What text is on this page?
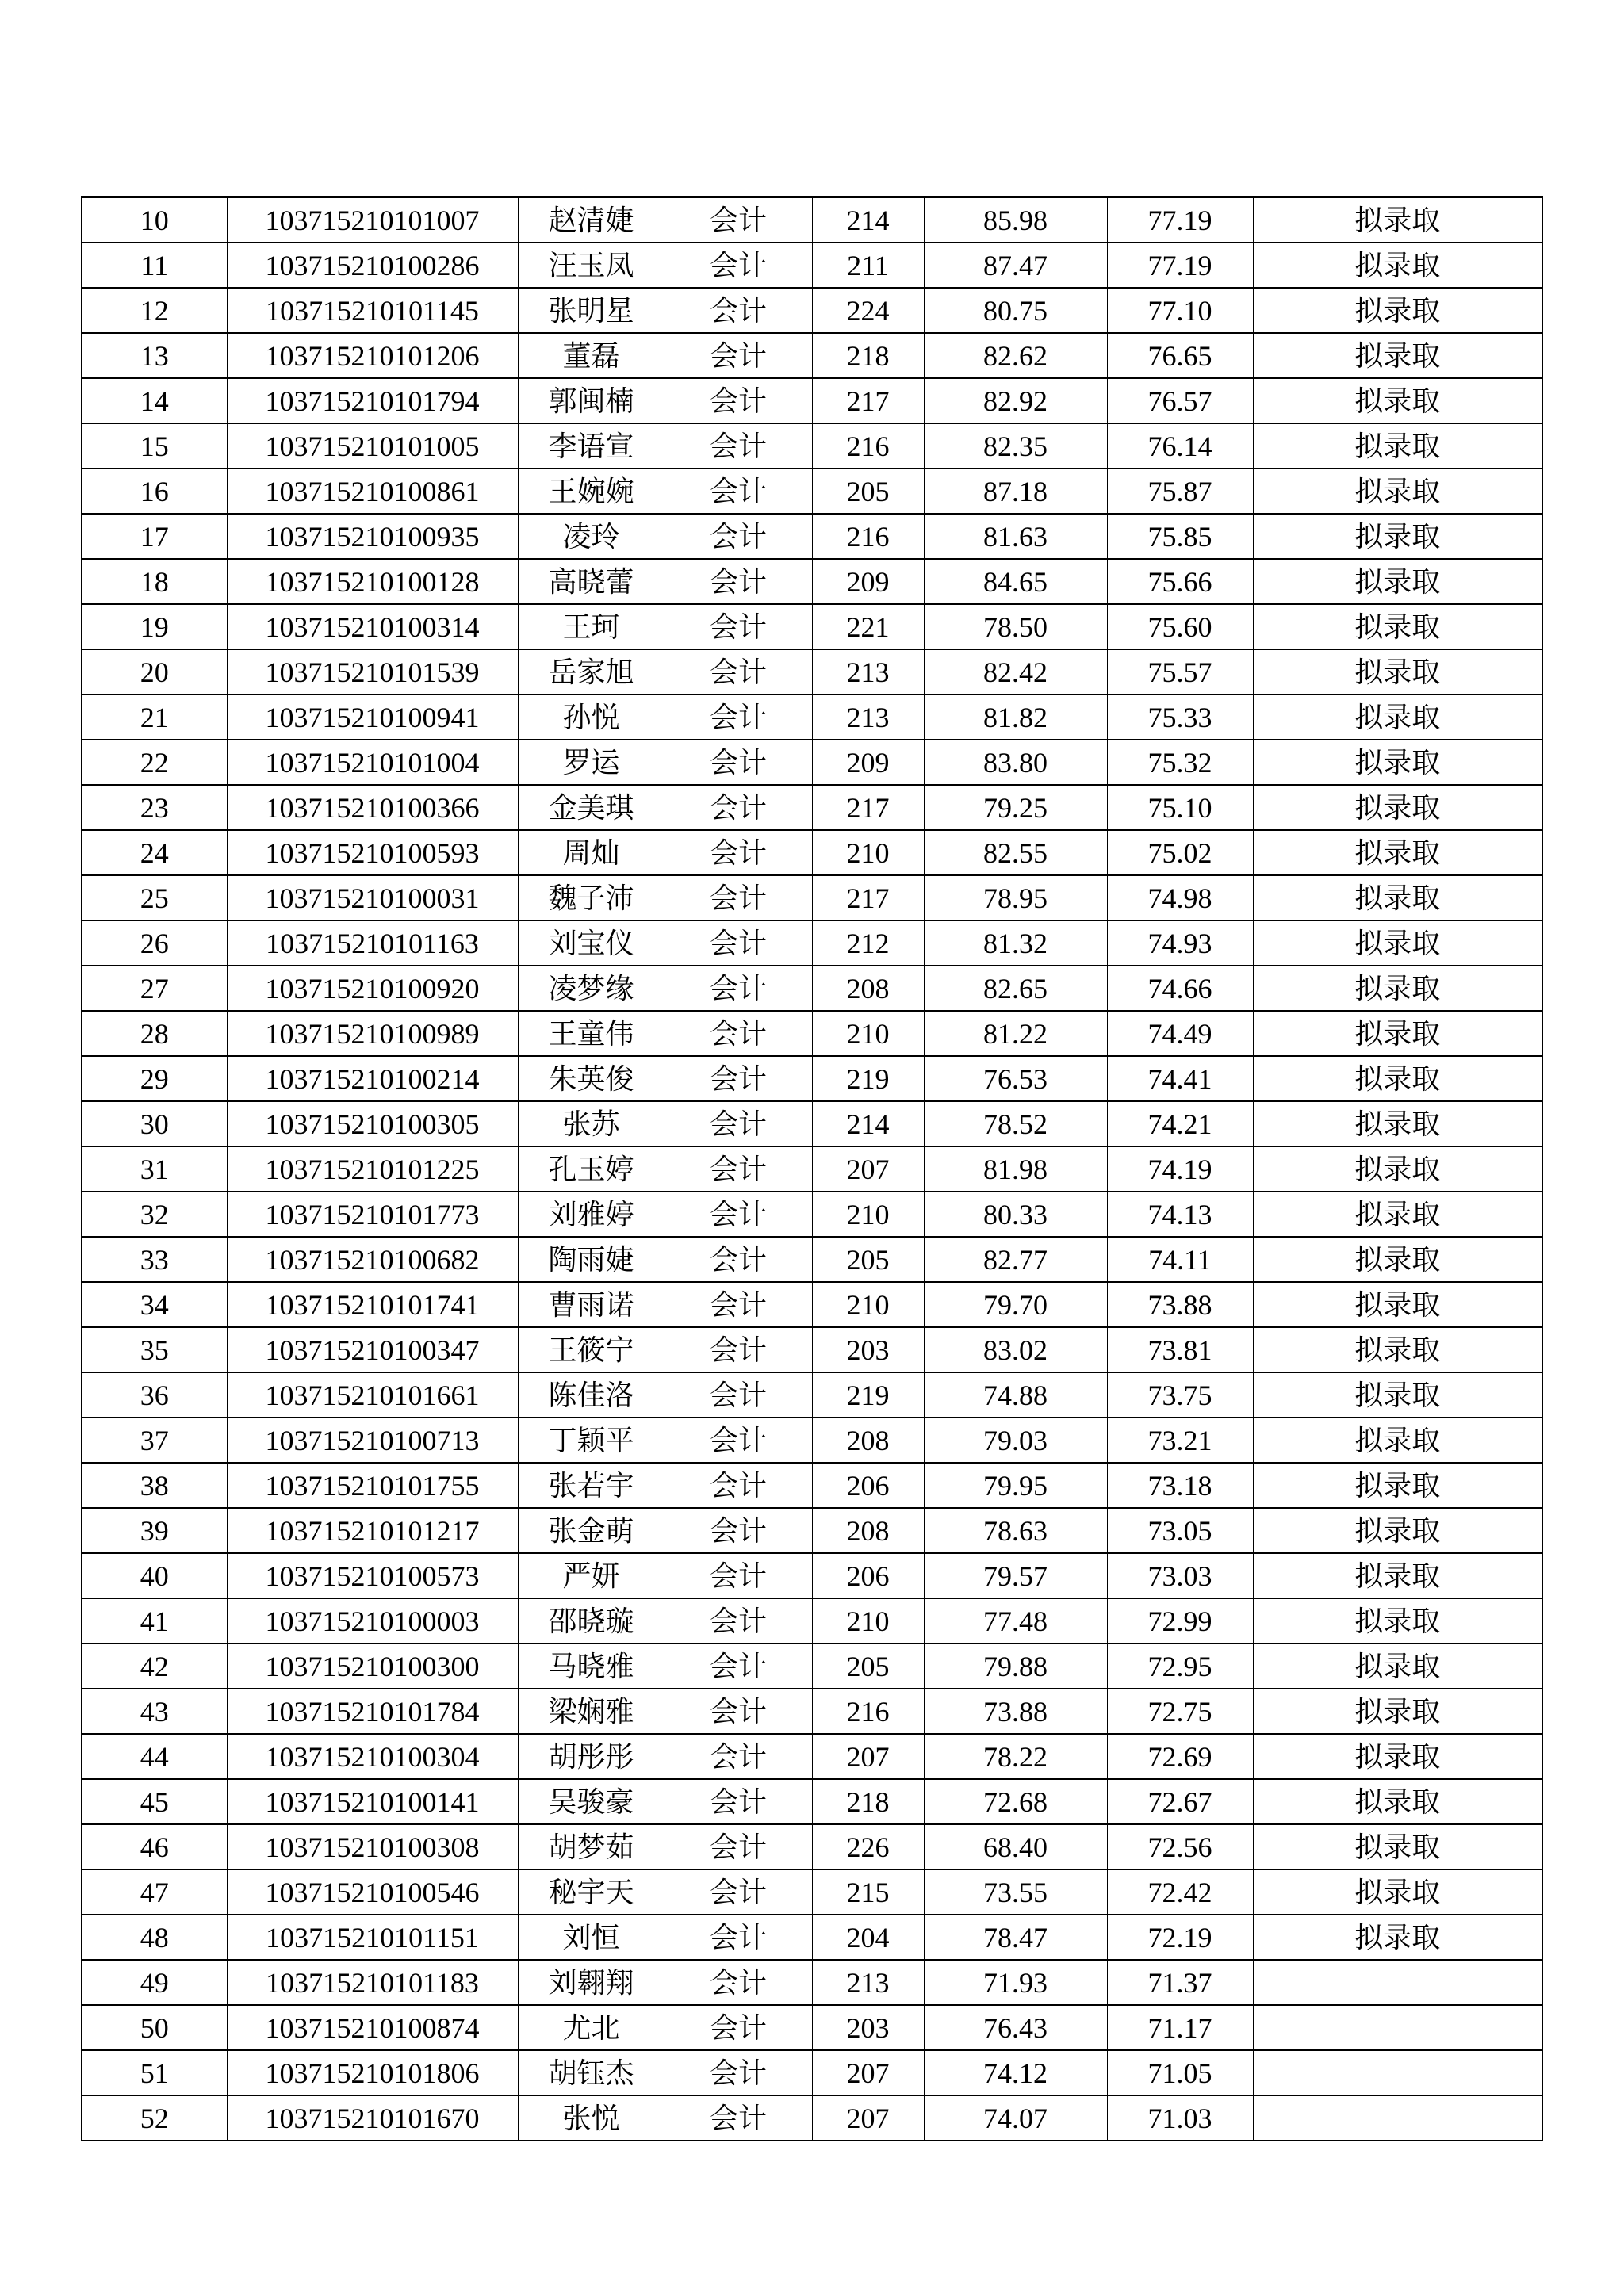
10	103715210101007	赵清婕	会计	214	85.98	77.19	拟录取
11	103715210100286	汪玉凤	会计	211	87.47	77.19	拟录取
12	103715210101145	张明星	会计	224	80.75	77.10	拟录取
13	103715210101206	董磊	会计	218	82.62	76.65	拟录取
14	103715210101794	郭闽楠	会计	217	82.92	76.57	拟录取
15	103715210101005	李语宣	会计	216	82.35	76.14	拟录取
16	103715210100861	王婉婉	会计	205	87.18	75.87	拟录取
17	103715210100935	凌玲	会计	216	81.63	75.85	拟录取
18	103715210100128	高晓蕾	会计	209	84.65	75.66	拟录取
19	103715210100314	王珂	会计	221	78.50	75.60	拟录取
20	103715210101539	岳家旭	会计	213	82.42	75.57	拟录取
21	103715210100941	孙悦	会计	213	81.82	75.33	拟录取
22	103715210101004	罗运	会计	209	83.80	75.32	拟录取
23	103715210100366	金美琪	会计	217	79.25	75.10	拟录取
24	103715210100593	周灿	会计	210	82.55	75.02	拟录取
25	103715210100031	魏子沛	会计	217	78.95	74.98	拟录取
26	103715210101163	刘宝仪	会计	212	81.32	74.93	拟录取
27	103715210100920	凌梦缘	会计	208	82.65	74.66	拟录取
28	103715210100989	王童伟	会计	210	81.22	74.49	拟录取
29	103715210100214	朱英俊	会计	219	76.53	74.41	拟录取
30	103715210100305	张苏	会计	214	78.52	74.21	拟录取
31	103715210101225	孔玉婷	会计	207	81.98	74.19	拟录取
32	103715210101773	刘雅婷	会计	210	80.33	74.13	拟录取
33	103715210100682	陶雨婕	会计	205	82.77	74.11	拟录取
34	103715210101741	曹雨诺	会计	210	79.70	73.88	拟录取
35	103715210100347	王筱宁	会计	203	83.02	73.81	拟录取
36	103715210101661	陈佳洛	会计	219	74.88	73.75	拟录取
37	103715210100713	丁颖平	会计	208	79.03	73.21	拟录取
38	103715210101755	张若宇	会计	206	79.95	73.18	拟录取
39	103715210101217	张金萌	会计	208	78.63	73.05	拟录取
40	103715210100573	严妍	会计	206	79.57	73.03	拟录取
41	103715210100003	邵晓璇	会计	210	77.48	72.99	拟录取
42	103715210100300	马晓雅	会计	205	79.88	72.95	拟录取
43	103715210101784	梁娴雅	会计	216	73.88	72.75	拟录取
44	103715210100304	胡彤彤	会计	207	78.22	72.69	拟录取
45	103715210100141	吴骏豪	会计	218	72.68	72.67	拟录取
46	103715210100308	胡梦茹	会计	226	68.40	72.56	拟录取
47	103715210100546	秘宇天	会计	215	73.55	72.42	拟录取
48	103715210101151	刘恒	会计	204	78.47	72.19	拟录取
49	103715210101183	刘翱翔	会计	213	71.93	71.37	
50	103715210100874	尤北	会计	203	76.43	71.17	
51	103715210101806	胡钰杰	会计	207	74.12	71.05	
52	103715210101670	张悦	会计	207	74.07	71.03	
